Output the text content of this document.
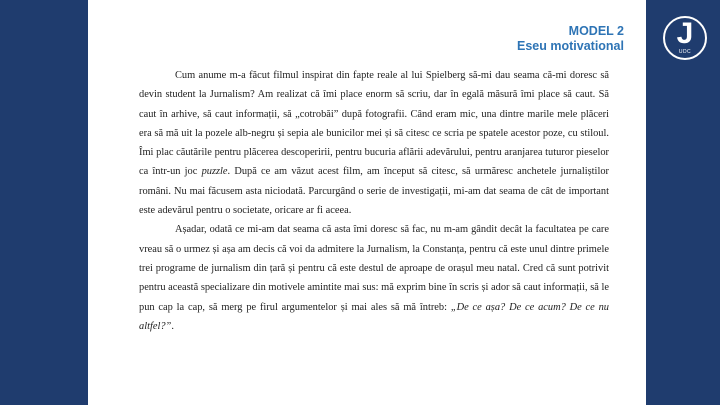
J
UDC
MODEL 2
Eseu motivational

Cum anume m-a făcut filmul inspirat din fapte reale al lui Spielberg să-mi dau seama că-mi doresc să devin student la Jurnalism? Am realizat că îmi place enorm să scriu, dar în egală măsură îmi place să caut. Să caut în arhive, să caut informații, să „cotrobăi” după fotografii. Când eram mic, una dintre marile mele plăceri era să mă uit la pozele alb-negru și sepia ale bunicilor mei și să citesc ce scria pe spatele acestor poze, cu stiloul. Îmi plac căutările pentru plăcerea descoperirii, pentru bucuria aflării adevărului, pentru aranjarea tuturor pieselor ca într-un joc puzzle. După ce am văzut acest film, am început să citesc, să urmăresc anchetele jurnaliștilor români. Nu mai făcusem asta niciodată. Parcurgând o serie de investigații, mi-am dat seama de cât de important este adevărul pentru o societate, oricare ar fi aceea.

Așadar, odată ce mi-am dat seama că asta îmi doresc să fac, nu m-am gândit decât la facultatea pe care vreau să o urmez și așa am decis că voi da admitere la Jurnalism, la Constanța, pentru că este unul dintre primele trei programe de jurnalism din țară și pentru că este destul de aproape de orașul meu natal. Cred că sunt potrivit pentru această specializare din motivele amintite mai sus: mă exprim bine în scris și ador să caut informații, să le pun cap la cap, să merg pe firul argumentelor și mai ales să mă întreb: „De ce așa? De ce acum? De ce nu altfel?”.
